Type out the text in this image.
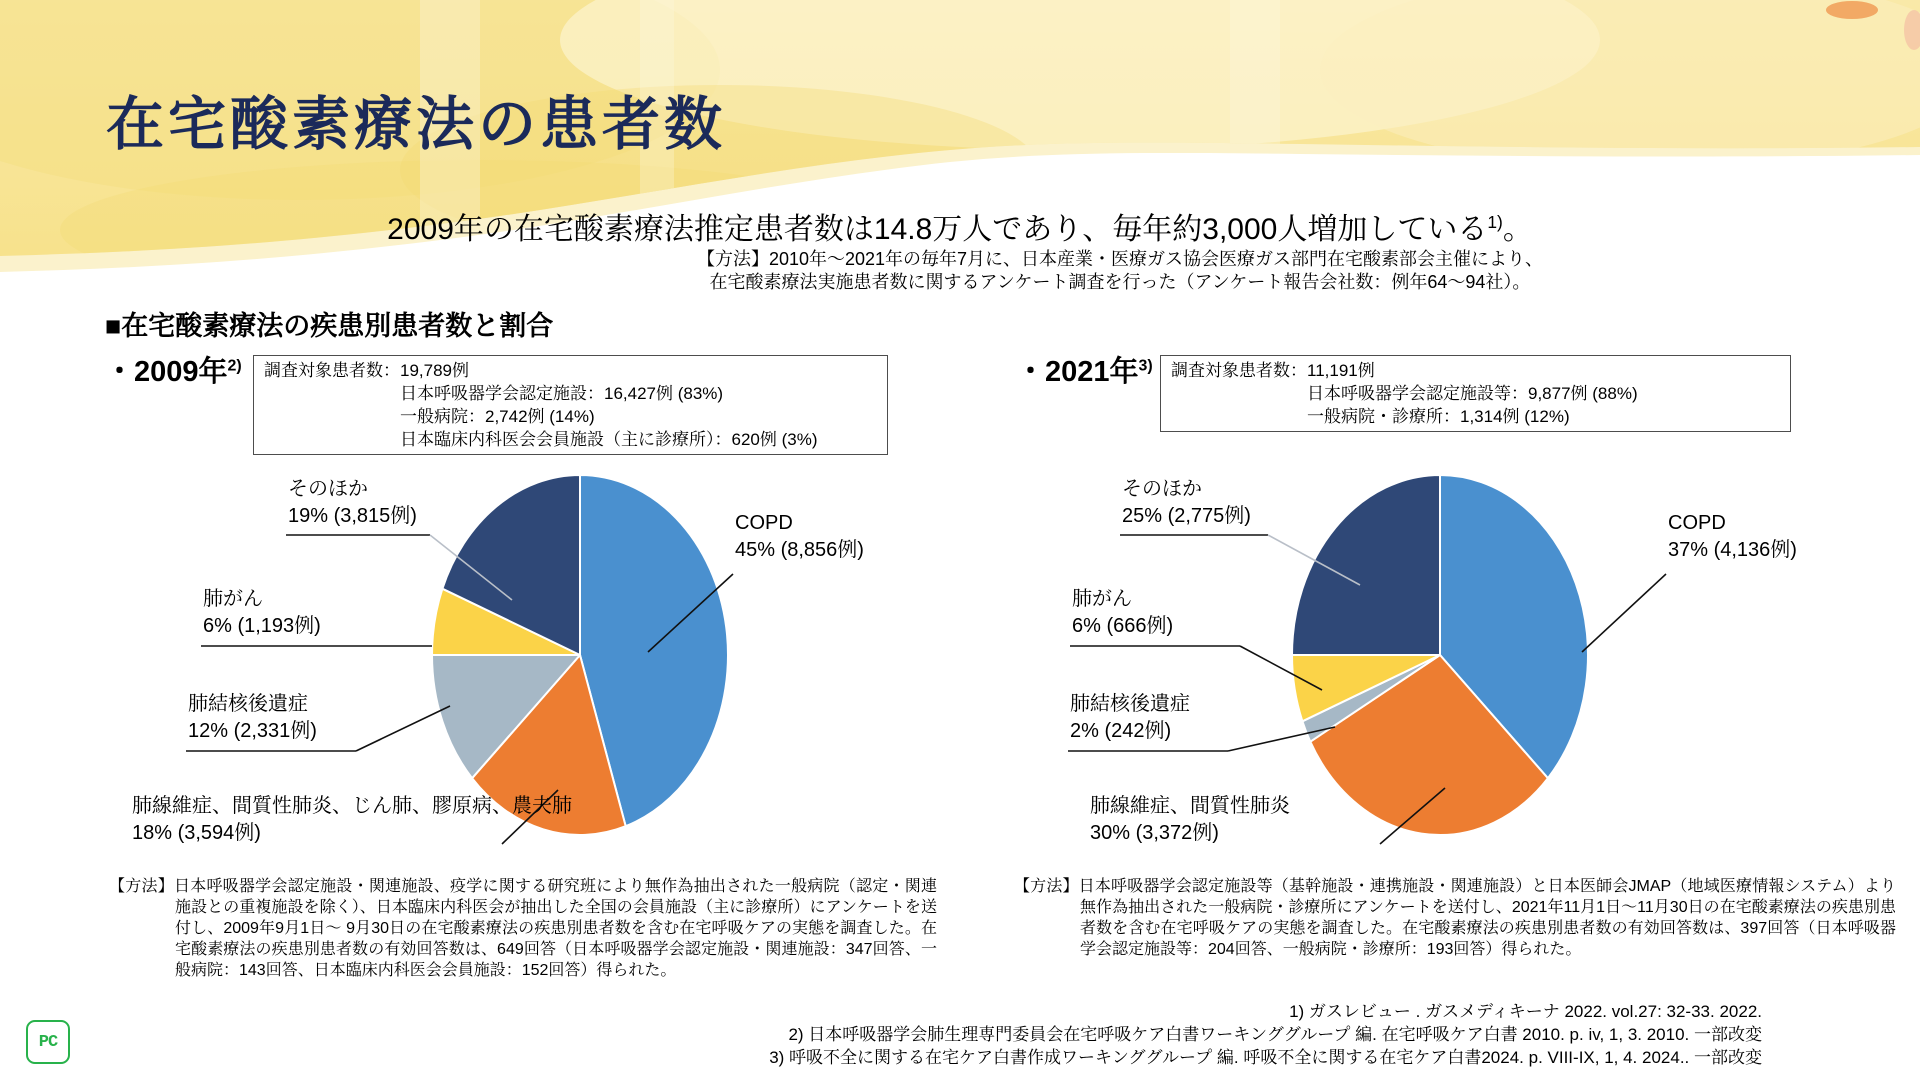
在宅酸素療法の患者数
2009年の在宅酸素療法推定患者数は14.8万人であり、毎年約3,000人増加している$^{1)}$。
【方法】2010年〜2021年の毎年7月に、日本産業・医療ガス協会医療ガス部門在宅酸素部会主催により、
在宅酸素療法実施患者数に関するアンケート調査を行った（アンケート報告会社数：例年64〜94社）。
■在宅酸素療法の疾患別患者数と割合
・2009年$^{2)}$	・2021年$^{3)}$
調査対象患者数：19,789例
日本呼吸器学会認定施設：16,427例 (83%)
一般病院：2,742例 (14%)
日本臨床内科医会会員施設（主に診療所）：620例 (3%)
調査対象患者数：11,191例
日本呼吸器学会認定施設等：9,877例 (88%)
一般病院・診療所：1,314例 (12%)
【方法】日本呼吸器学会認定施設・関連施設、疫学に関する研究班により無作為抽出された一般病院（認定・関連施設との重複施設を除く）、日本臨床内科医会が抽出した全国の会員施設（主に診療所）にアンケートを送付し、2009年9月1日〜 9月30日の在宅酸素療法の疾患別患者数を含む在宅呼吸ケアの実態を調査した。在宅酸素療法の疾患別患者数の有効回答数は、649回答（日本呼吸器学会認定施設・関連施設：347回答、一般病院：143回答、日本臨床内科医会会員施設：152回答）得られた。
【方法】日本呼吸器学会認定施設等（基幹施設・連携施設・関連施設）と日本医師会JMAP（地域医療情報システム）より無作為抽出された一般病院・診療所にアンケートを送付し、2021年11月1日〜11月30日の在宅酸素療法の疾患別患者数を含む在宅呼吸ケアの実態を調査した。在宅酸素療法の疾患別患者数の有効回答数は、397回答（日本呼吸器学会認定施設等：204回答、一般病院・診療所：193回答）得られた。
1) ガスレビュー . ガスメディキーナ 2022. vol.27: 32-33. 2022.
2) 日本呼吸器学会肺生理専門委員会在宅呼吸ケア白書ワーキンググループ 編. 在宅呼吸ケア白書 2010. p. iv, 1, 3. 2010. 一部改変
3) 呼吸不全に関する在宅ケア白書作成ワーキンググループ 編. 呼吸不全に関する在宅ケア白書2024. p. VIII-IX, 1, 4. 2024.. 一部改変
PC
そのほか
19% (3,815例)	COPD
45% (8,856例)
肺がん
6% (1,193例)
肺結核後遺症
12% (2,331例)
肺線維症、間質性肺炎、じん肺、膠原病、農夫肺
18% (3,594例)
そのほか
25% (2,775例)	COPD
37% (4,136例)
肺がん
6% (666例)
肺結核後遺症
2% (242例)
肺線維症、間質性肺炎
30% (3,372例)
